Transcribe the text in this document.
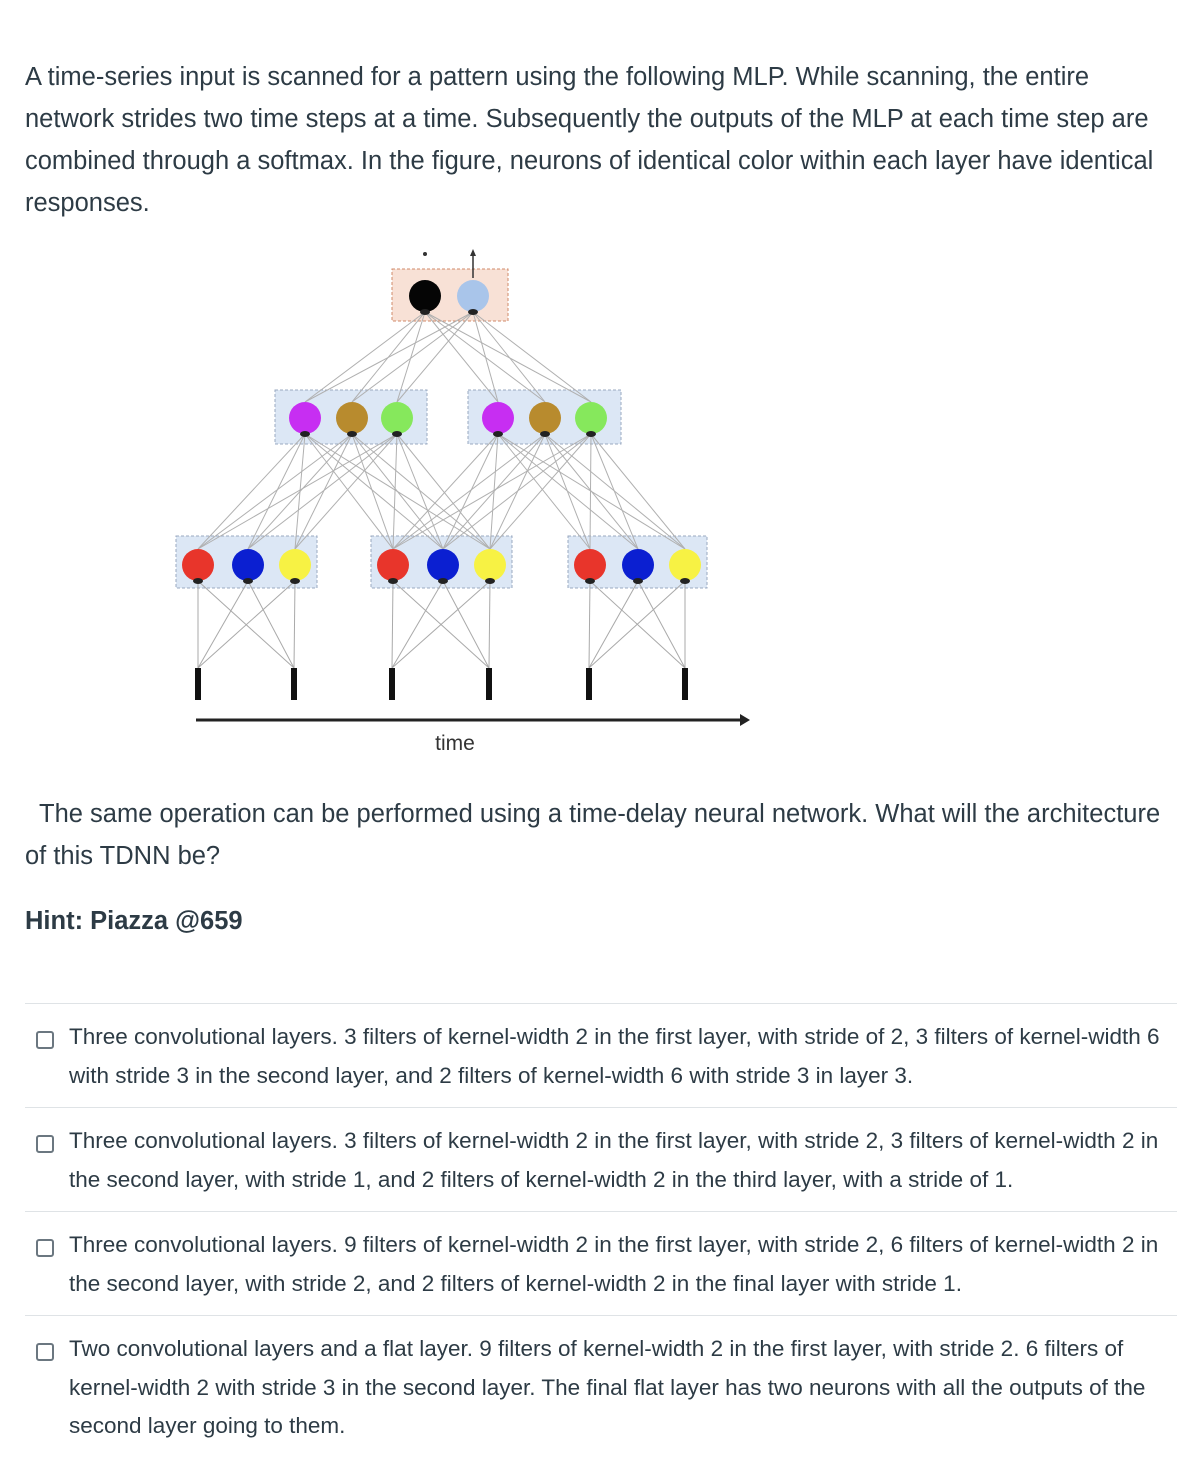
A time-series input is scanned for a pattern using the following MLP. While scanning, the entire network strides two time steps at a time. Subsequently the outputs of the MLP at each time step are combined through a softmax. In the figure, neurons of identical color within each layer have identical responses.

time

The same operation can be performed using a time-delay neural network. What will the architecture of this TDNN be?

Hint: Piazza @659

Three convolutional layers. 3 filters of kernel-width 2 in the first layer, with stride of 2, 3 filters of kernel-width 6 with stride 3 in the second layer, and 2 filters of kernel-width 6 with stride 3 in layer 3.
Three convolutional layers. 3 filters of kernel-width 2 in the first layer, with stride 2, 3 filters of kernel-width 2 in the second layer, with stride 1, and 2 filters of kernel-width 2 in the third layer, with a stride of 1.
Three convolutional layers. 9 filters of kernel-width 2 in the first layer, with stride 2, 6 filters of kernel-width 2 in the second layer, with stride 2, and 2 filters of kernel-width 2 in the final layer with stride 1.
Two convolutional layers and a flat layer. 9 filters of kernel-width 2 in the first layer, with stride 2. 6 filters of kernel-width 2 with stride 3 in the second layer. The final flat layer has two neurons with all the outputs of the second layer going to them.
